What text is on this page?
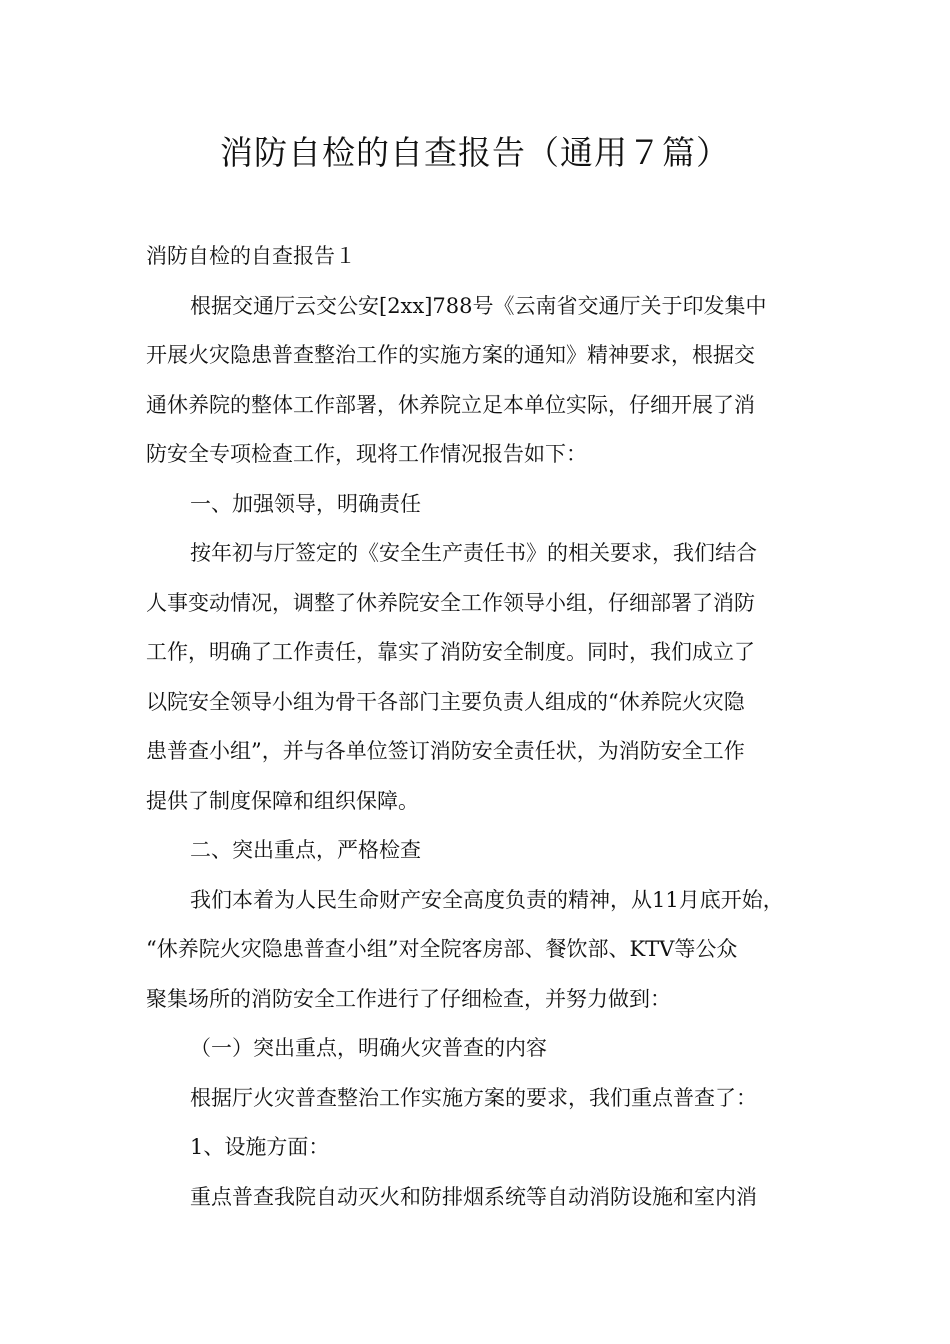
消防自检的自查报告（通用７篇）
消防自检的自查报告１
根据交通厅云交公安[2xx]788号《云南省交通厅关于印发集中
开展火灾隐患普查整治工作的实施方案的通知》精神要求，根据交
通休养院的整体工作部署，休养院立足本单位实际，仔细开展了消
防安全专项检查工作，现将工作情况报告如下：
一、加强领导，明确责任
按年初与厅签定的《安全生产责任书》的相关要求，我们结合
人事变动情况，调整了休养院安全工作领导小组，仔细部署了消防
工作，明确了工作责任，靠实了消防安全制度。同时，我们成立了
以院安全领导小组为骨干各部门主要负责人组成的“休养院火灾隐
患普查小组”，并与各单位签订消防安全责任状，为消防安全工作
提供了制度保障和组织保障。
二、突出重点，严格检查
我们本着为人民生命财产安全高度负责的精神，从11月底开始，
“休养院火灾隐患普查小组”对全院客房部、餐饮部、KTV等公众
聚集场所的消防安全工作进行了仔细检查，并努力做到：
（一）突出重点，明确火灾普查的内容
根据厅火灾普查整治工作实施方案的要求，我们重点普查了：
1、设施方面：
重点普查我院自动灭火和防排烟系统等自动消防设施和室内消
